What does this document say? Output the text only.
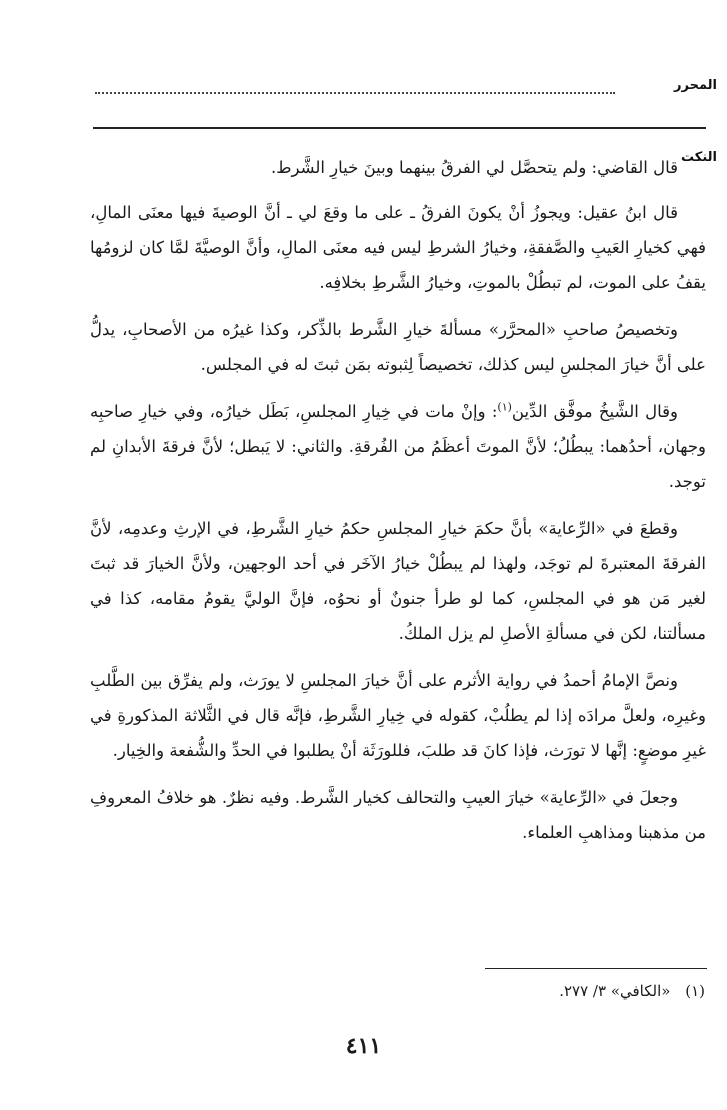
المحرر
النكت

قال القاضي: ولم يتحصَّل لي الفرقُ بينهما وبينَ خيارِ الشَّرط.

قال ابنُ عقيل: ويجوزُ أنْ يكونَ الفرقُ ـ على ما وقعَ لي ـ أنَّ الوصيةَ فيها معنَى المالِ، فهي كخيارِ العَيبِ والصَّفقةِ، وخيارُ الشرطِ ليس فيه معنَى المالِ، وأنَّ الوصيَّةَ لمَّا كان لزومُها يقفُ على الموت، لم تبطُلْ بالموتِ، وخيارُ الشَّرطِ بخلافِه.

وتخصيصُ صاحبِ «المحرَّر» مسألةَ خيارِ الشَّرط بالذِّكر، وكذا غيرُه من الأصحابِ، يدلُّ على أنَّ خيارَ المجلسِ ليس كذلك، تخصيصاً لِثبوته بمَن ثبتَ له في المجلس.

وقال الشَّيخُ موفَّق الدِّين$^{(١)}$: وإنْ مات في خِيارِ المجلسِ، بَطَل خيارُه، وفي خيارِ صاحبِه وجهان، أحدُهما: يبطُلُ؛ لأنَّ الموتَ أعظَمُ من الفُرقةِ. والثاني: لا يَبطل؛ لأنَّ فرقةَ الأبدانِ لم توجد.

وقطعَ في «الرِّعاية» بأنَّ حكمَ خيارِ المجلسِ حكمُ خيارِ الشَّرطِ، في الإرثِ وعدمِه، لأنَّ الفرقةَ المعتبرةَ لم توجَد، ولهذا لم يبطُلْ خيارُ الآخَر في أحد الوجهين، ولأنَّ الخيارَ قد ثبتَ لغير مَن هو في المجلسِ، كما لو طرأ جنونٌ أو نحوُه، فإنَّ الوليَّ يقومُ مقامه، كذا في مسألتنا، لكن في مسألةِ الأصلِ لم يزل الملكُ.

ونصَّ الإمامُ أحمدُ في رواية الأثرم على أنَّ خيارَ المجلسِ لا يورَث، ولم يفرِّق بين الطَّلبِ وغيرِه، ولعلَّ مرادَه إذا لم يطلُبْ، كقوله في خِيارِ الشَّرطِ، فإنَّه قال في الثَّلاثة المذكورةِ في غيرِ موضعٍ: إنَّها لا تورَث، فإذا كانَ قد طلبَ، فللورَثَة أنْ يطلبوا في الحدِّ والشُّفعة والخِيار.

وجعلَ في «الرِّعاية» خيارَ العيبِ والتحالف كخيار الشَّرط. وفيه نظرٌ. هو خلافُ المعروفِ من مذهبنا ومذاهبِ العلماء.

(١) «الكافي» ٣/ ٢٧٧.
٤١١
